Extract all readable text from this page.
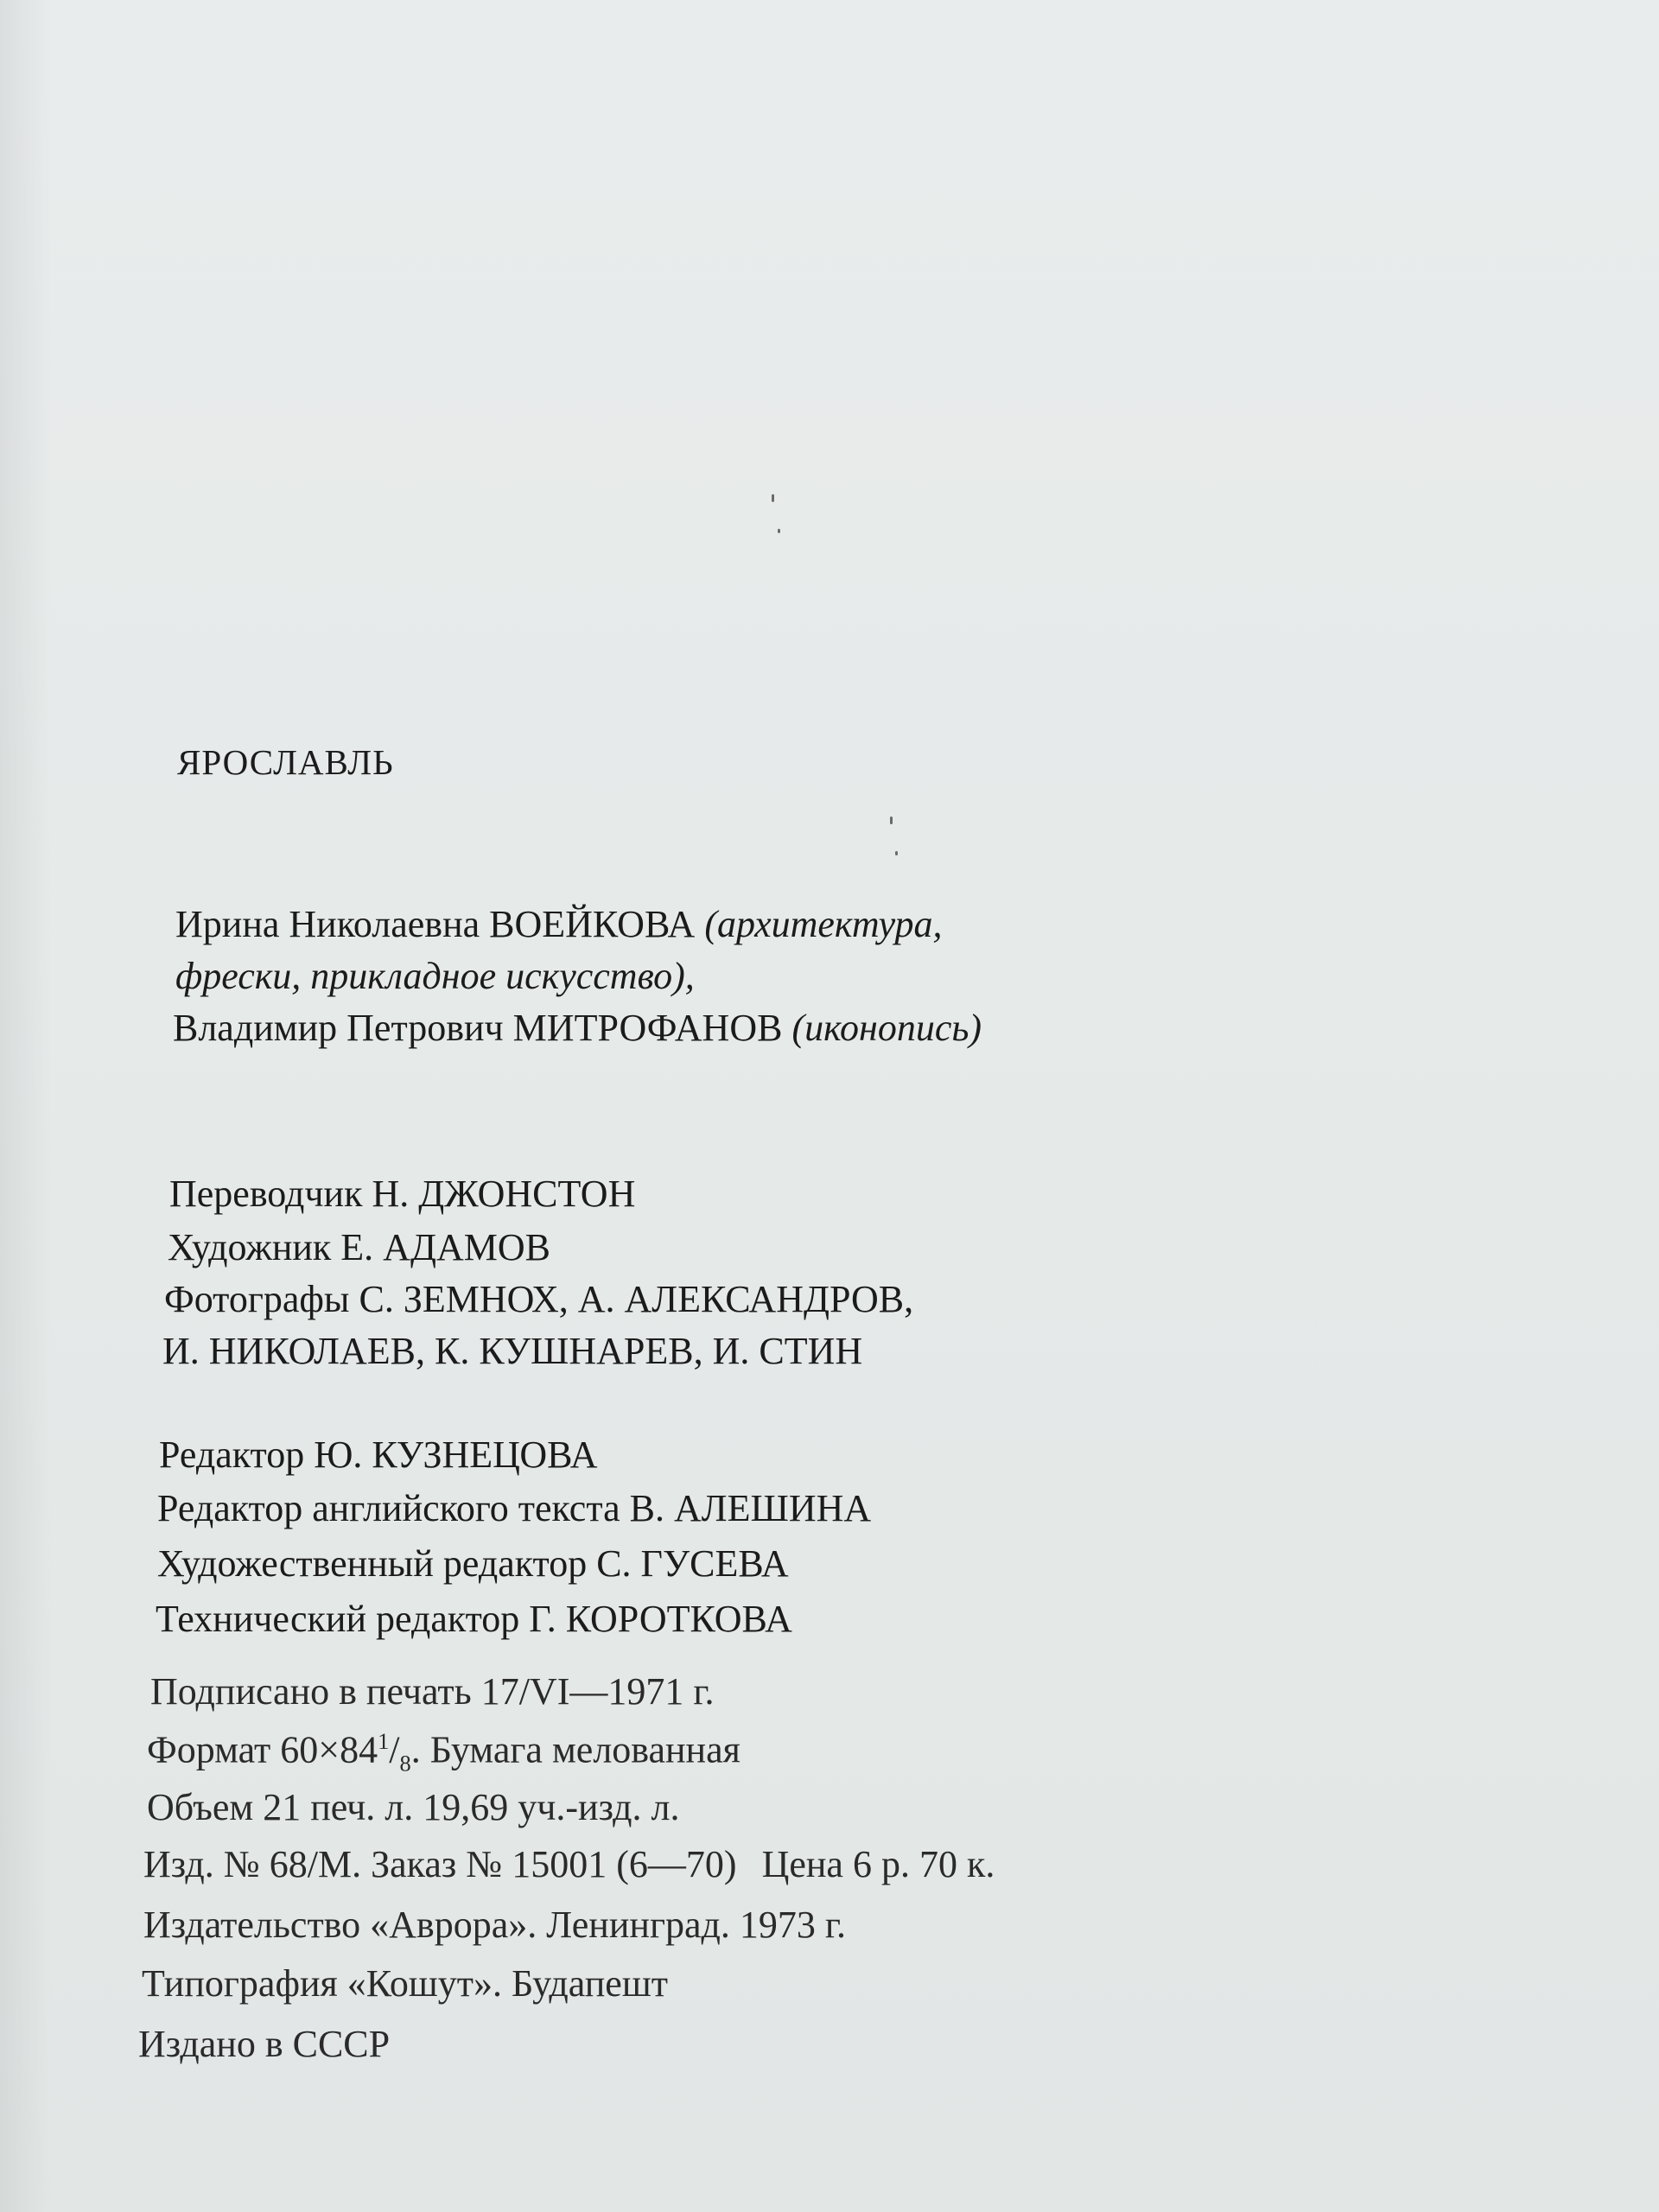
ЯРОСЛАВЛЬ
Ирина Николаевна ВОЕЙКОВА (архитектура,
фрески, прикладное искусство),
Владимир Петрович МИТРОФАНОВ (иконопись)
Переводчик Н. ДЖОНСТОН
Художник Е. АДАМОВ
Фотографы С. ЗЕМНОХ, А. АЛЕКСАНДРОВ,
И. НИКОЛАЕВ, К. КУШНАРЕВ, И. СТИН
Редактор Ю. КУЗНЕЦОВА
Редактор английского текста В. АЛЕШИНА
Художественный редактор С. ГУСЕВА
Технический редактор Г. КОРОТКОВА
Подписано в печать 17/VI—1971 г.
Формат $60\times 84^1/_8$. Бумага мелованная
Объем 21 печ. л. 19,69 уч.-изд. л.
Изд. № 68/М. Заказ № 15001 (6—70) Цена 6 р. 70 к.
Издательство «Аврора». Ленинград. 1973 г.
Типография «Кошут». Будапешт
Издано в СССР
